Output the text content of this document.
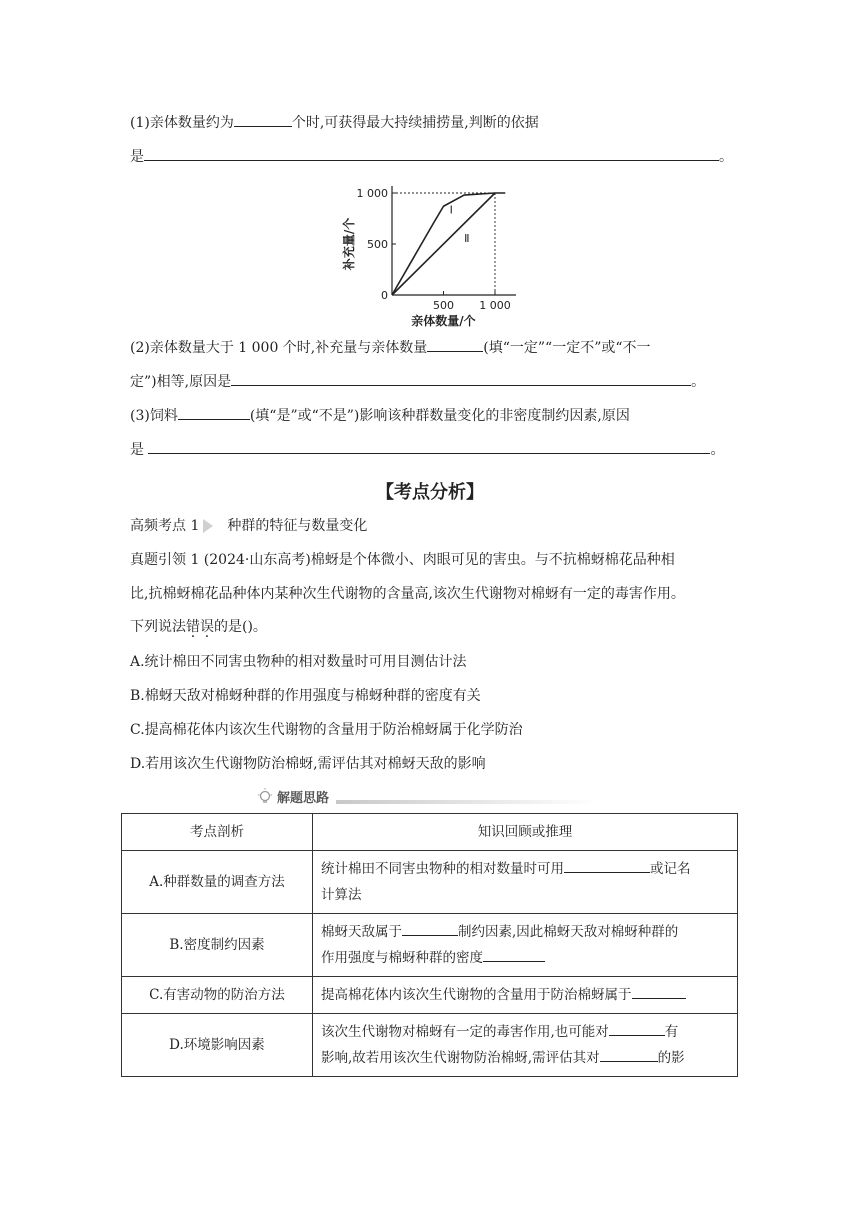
(1)亲体数量约为	个时,可获得最大持续捕捞量,判断的依据
是	。
0
500
1 000
500 1 000
亲体数量/个
补充量/个
Ⅰ
Ⅱ
(2)亲体数量大于 1 000 个时,补充量与亲体数量	(填“一定”“一定不”或“不一
定”)相等,原因是	。
(3)饲料	(填“是”或“不是”)影响该种群数量变化的非密度制约因素,原因
是	。
【考点分析】
高频考点 1 种群的特征与数量变化
真题引领 1 (2024·山东高考)棉蚜是个体微小、肉眼可见的害虫。与不抗棉蚜棉花品种相
比,抗棉蚜棉花品种体内某种次生代谢物的含量高,该次生代谢物对棉蚜有一定的毒害作用。
下列说法错误的是()。
A.统计棉田不同害虫物种的相对数量时可用目测估计法
B.棉蚜天敌对棉蚜种群的作用强度与棉蚜种群的密度有关
C.提高棉花体内该次生代谢物的含量用于防治棉蚜属于化学防治
D.若用该次生代谢物防治棉蚜,需评估其对棉蚜天敌的影响
解题思路
考点剖析	知识回顾或推理
A.种群数量的调查方法	统计棉田不同害虫物种的相对数量时可用 或记名
计算法
B.密度制约因素	棉蚜天敌属于 制约因素,因此棉蚜天敌对棉蚜种群的
作用强度与棉蚜种群的密度
C.有害动物的防治方法	提高棉花体内该次生代谢物的含量用于防治棉蚜属于
D.环境影响因素	该次生代谢物对棉蚜有一定的毒害作用,也可能对 有
影响,故若用该次生代谢物防治棉蚜,需评估其对 的影
